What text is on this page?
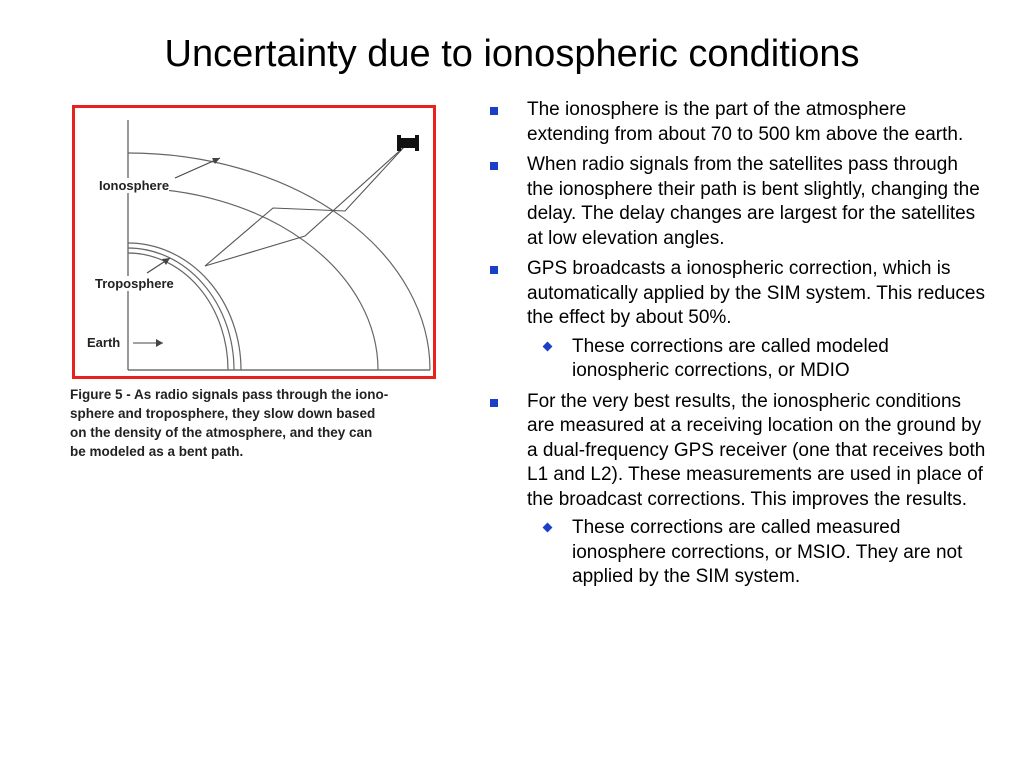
Uncertainty due to ionospheric conditions
Ionosphere
Troposphere
Earth
Figure 5 - As radio signals pass through the iono-
sphere and troposphere, they slow down based
on the density of the atmosphere, and they can
be modeled as a bent path.
The ionosphere is the part of the atmosphere extending from about 70 to 500 km above the earth.
When radio signals from the satellites pass through the ionosphere their path is bent slightly, changing the delay. The delay changes are largest for the satellites at low elevation angles.
GPS broadcasts a ionospheric correction, which is automatically applied by the SIM system. This reduces the effect by about 50%.
These corrections are called modeled ionospheric corrections, or MDIO
For the very best results, the ionospheric conditions are measured at a receiving location on the ground by a dual-frequency GPS receiver (one that receives both L1 and L2). These measurements are used in place of the broadcast corrections. This improves the results.
These corrections are called measured ionosphere corrections, or MSIO. They are not applied by the SIM system.
